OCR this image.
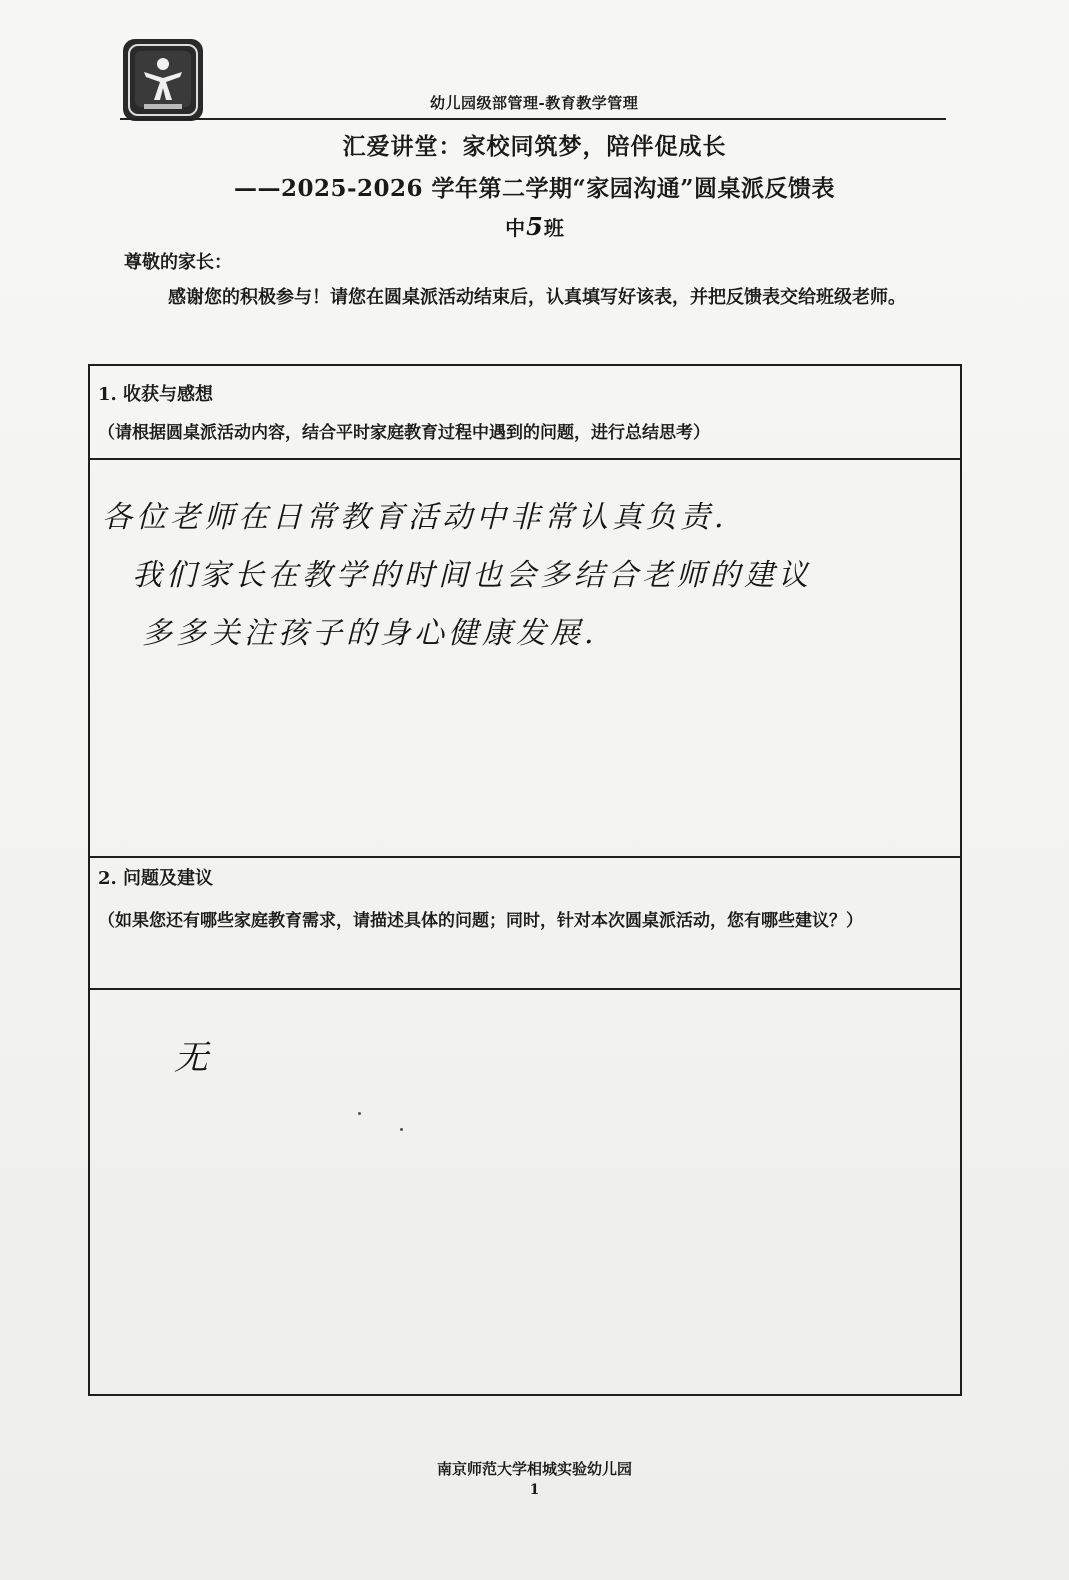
幼儿园级部管理-教育教学管理
汇爱讲堂：家校同筑梦，陪伴促成长
——2025-2026 学年第二学期“家园沟通”圆桌派反馈表
中5班
尊敬的家长：
感谢您的积极参与！请您在圆桌派活动结束后，认真填写好该表，并把反馈表交给班级老师。
1. 收获与感想
（请根据圆桌派活动内容，结合平时家庭教育过程中遇到的问题，进行总结思考）
各位老师在日常教育活动中非常认真负责.
我们家长在教学的时间也会多结合老师的建议
多多关注孩子的身心健康发展.
2. 问题及建议
（如果您还有哪些家庭教育需求，请描述具体的问题；同时，针对本次圆桌派活动，您有哪些建议？）
无
南京师范大学相城实验幼儿园
1
